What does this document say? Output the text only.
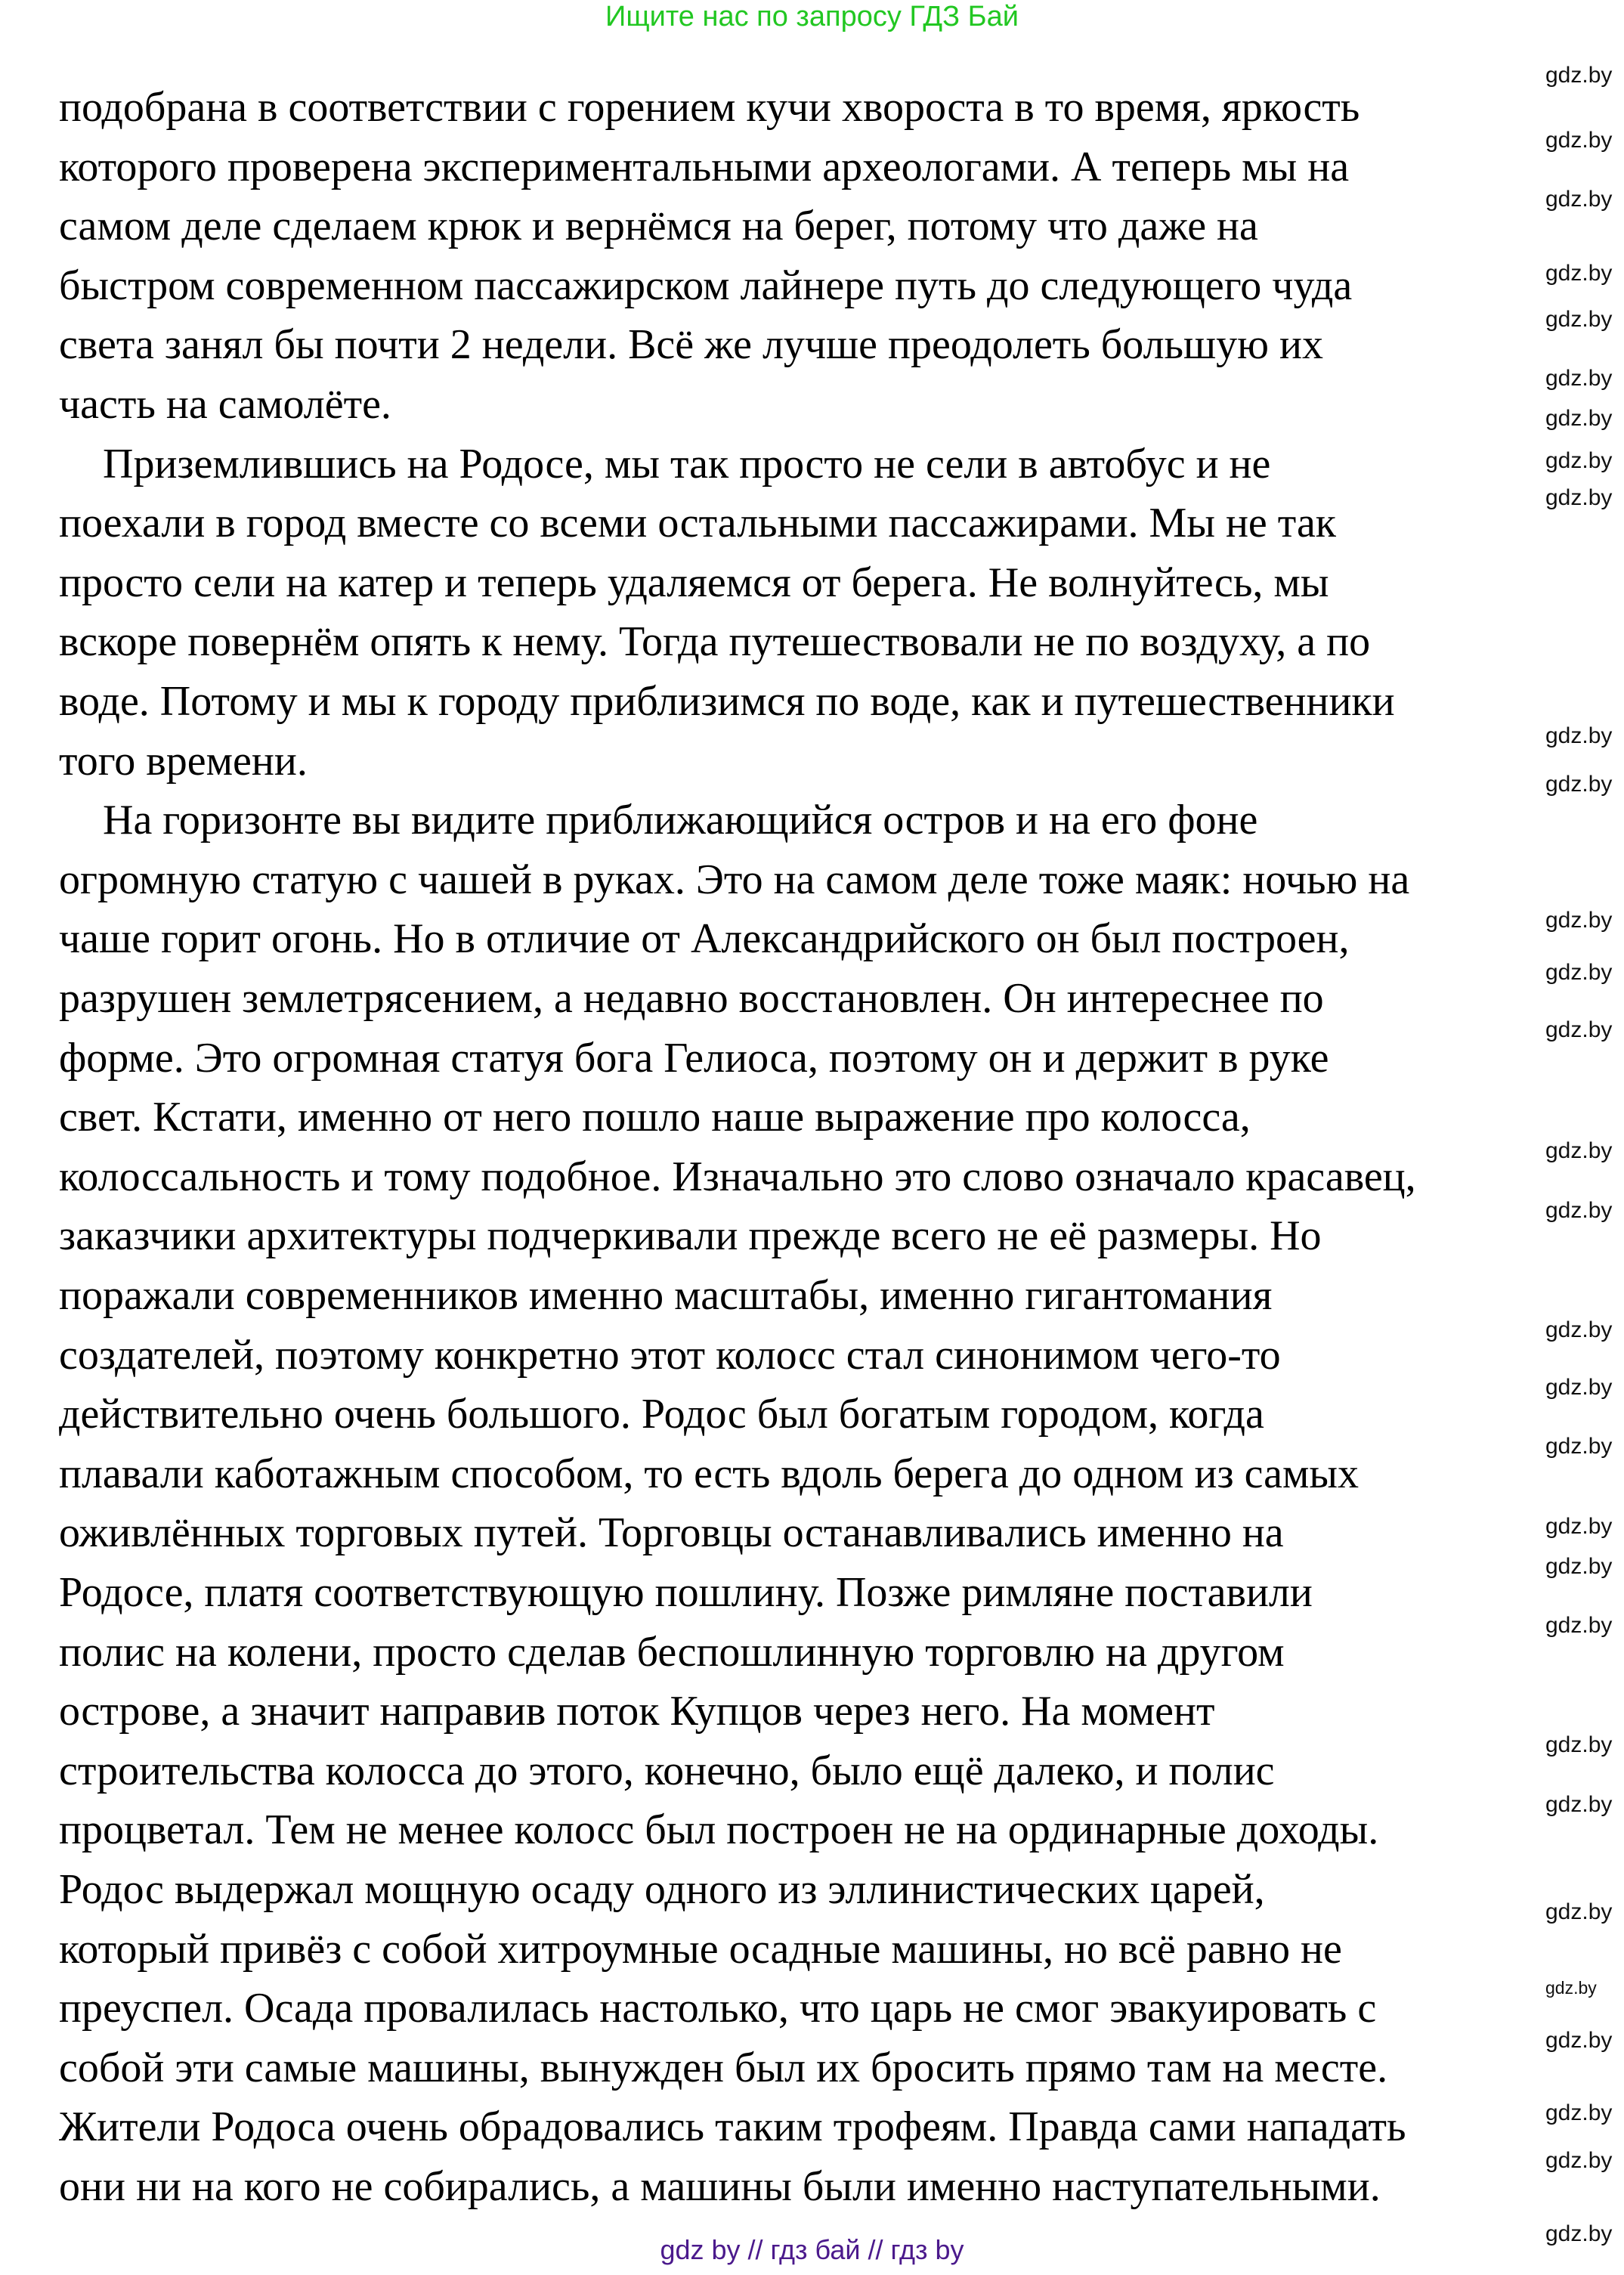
Ищите нас по запросу ГДЗ Бай
подобрана в соответствии с горением кучи хвороста в то время, яркость
которого проверена экспериментальными археологами. А теперь мы на
самом деле сделаем крюк и вернёмся на берег, потому что даже на
быстром современном пассажирском лайнере путь до следующего чуда
света занял бы почти 2 недели. Всё же лучше преодолеть большую их
часть на самолёте.
Приземлившись на Родосе, мы так просто не сели в автобус и не
поехали в город вместе со всеми остальными пассажирами. Мы не так
просто сели на катер и теперь удаляемся от берега. Не волнуйтесь, мы
вскоре повернём опять к нему. Тогда путешествовали не по воздуху, а по
воде. Потому и мы к городу приблизимся по воде, как и путешественники
того времени.
На горизонте вы видите приближающийся остров и на его фоне
огромную статую с чашей в руках. Это на самом деле тоже маяк: ночью на
чаше горит огонь. Но в отличие от Александрийского он был построен,
разрушен землетрясением, а недавно восстановлен. Он интереснее по
форме. Это огромная статуя бога Гелиоса, поэтому он и держит в руке
свет. Кстати, именно от него пошло наше выражение про колосса,
колоссальность и тому подобное. Изначально это слово означало красавец,
заказчики архитектуры подчеркивали прежде всего не её размеры. Но
поражали современников именно масштабы, именно гигантомания
создателей, поэтому конкретно этот колосс стал синонимом чего-то
действительно очень большого. Родос был богатым городом, когда
плавали каботажным способом, то есть вдоль берега до одном из самых
оживлённых торговых путей. Торговцы останавливались именно на
Родосе, платя соответствующую пошлину. Позже римляне поставили
полис на колени, просто сделав беспошлинную торговлю на другом
острове, а значит направив поток Купцов через него. На момент
строительства колосса до этого, конечно, было ещё далеко, и полис
процветал. Тем не менее колосс был построен не на ординарные доходы.
Родос выдержал мощную осаду одного из эллинистических царей,
который привёз с собой хитроумные осадные машины, но всё равно не
преуспел. Осада провалилась настолько, что царь не смог эвакуировать с
собой эти самые машины, вынужден был их бросить прямо там на месте.
Жители Родоса очень обрадовались таким трофеям. Правда сами нападать
они ни на кого не собирались, а машины были именно наступательными.
gdz.by
gdz.by
gdz.by
gdz.by
gdz.by
gdz.by
gdz.by
gdz.by
gdz.by
gdz.by
gdz.by
gdz.by
gdz.by
gdz.by
gdz.by
gdz.by
gdz.by
gdz.by
gdz.by
gdz.by
gdz.by
gdz.by
gdz.by
gdz.by
gdz.by
gdz.by
gdz.by
gdz.by
gdz.by
gdz.by
gdz by // гдз бай // гдз by
